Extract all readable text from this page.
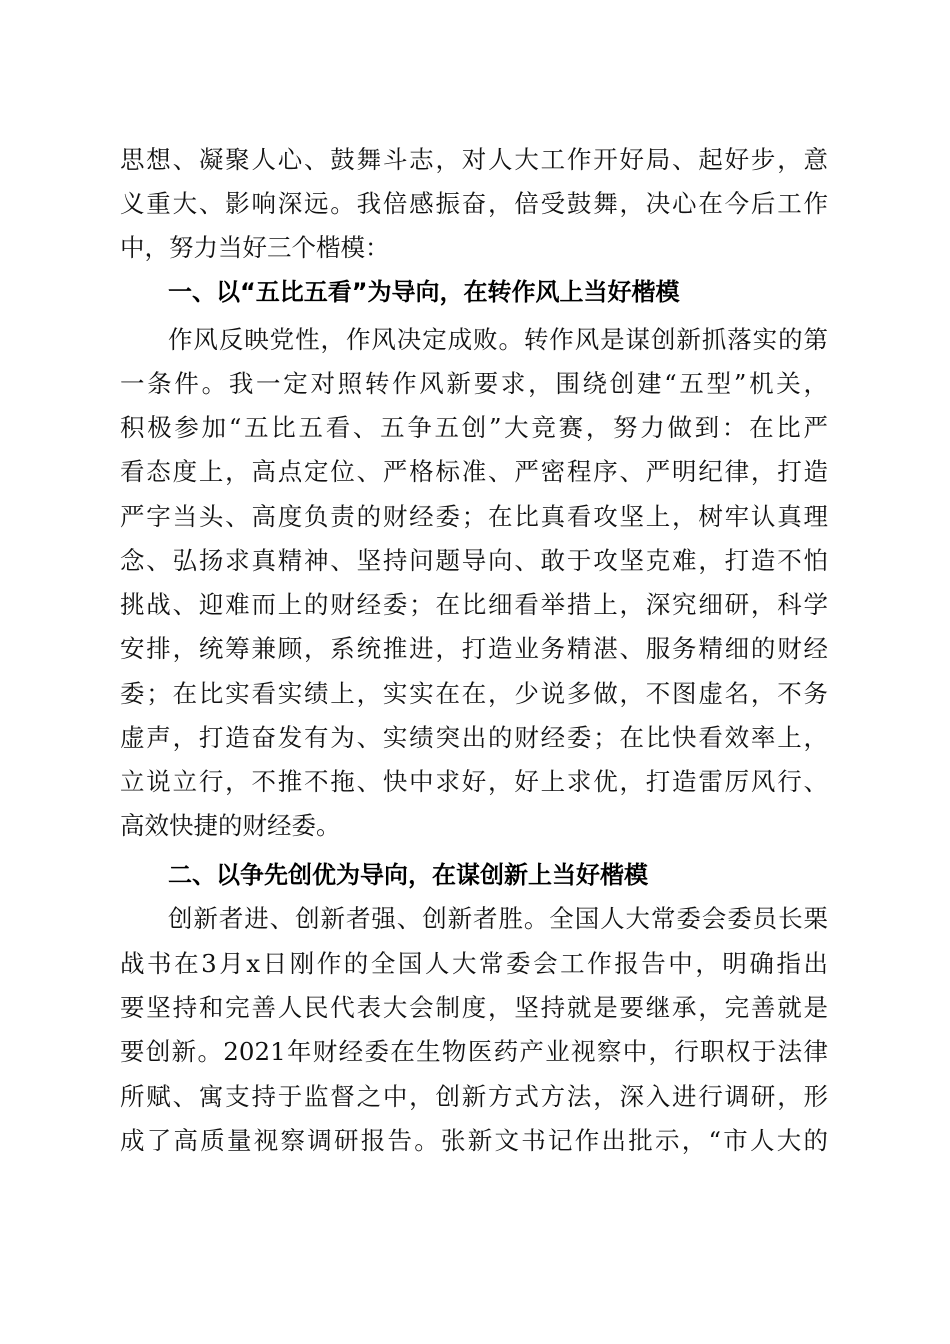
思想、凝聚人心、鼓舞斗志，对人大工作开好局、起好步，意
义重大、影响深远。我倍感振奋，倍受鼓舞，决心在今后工作
中，努力当好三个楷模：
一、以“五比五看”为导向，在转作风上当好楷模
作风反映党性，作风决定成败。转作风是谋创新抓落实的第
一条件。我一定对照转作风新要求，围绕创建“五型”机关，
积极参加“五比五看、五争五创”大竞赛，努力做到：在比严
看态度上，高点定位、严格标准、严密程序、严明纪律，打造
严字当头、高度负责的财经委；在比真看攻坚上，树牢认真理
念、弘扬求真精神、坚持问题导向、敢于攻坚克难，打造不怕
挑战、迎难而上的财经委；在比细看举措上，深究细研，科学
安排，统筹兼顾，系统推进，打造业务精湛、服务精细的财经
委；在比实看实绩上，实实在在，少说多做，不图虚名，不务
虚声，打造奋发有为、实绩突出的财经委；在比快看效率上，
立说立行，不推不拖、快中求好，好上求优，打造雷厉风行、
高效快捷的财经委。
二、以争先创优为导向，在谋创新上当好楷模
创新者进、创新者强、创新者胜。全国人大常委会委员长栗
战书在3月x日刚作的全国人大常委会工作报告中，明确指出
要坚持和完善人民代表大会制度，坚持就是要继承，完善就是
要创新。2021年财经委在生物医药产业视察中，行职权于法律
所赋、寓支持于监督之中，创新方式方法，深入进行调研，形
成了高质量视察调研报告。张新文书记作出批示，“市人大的
